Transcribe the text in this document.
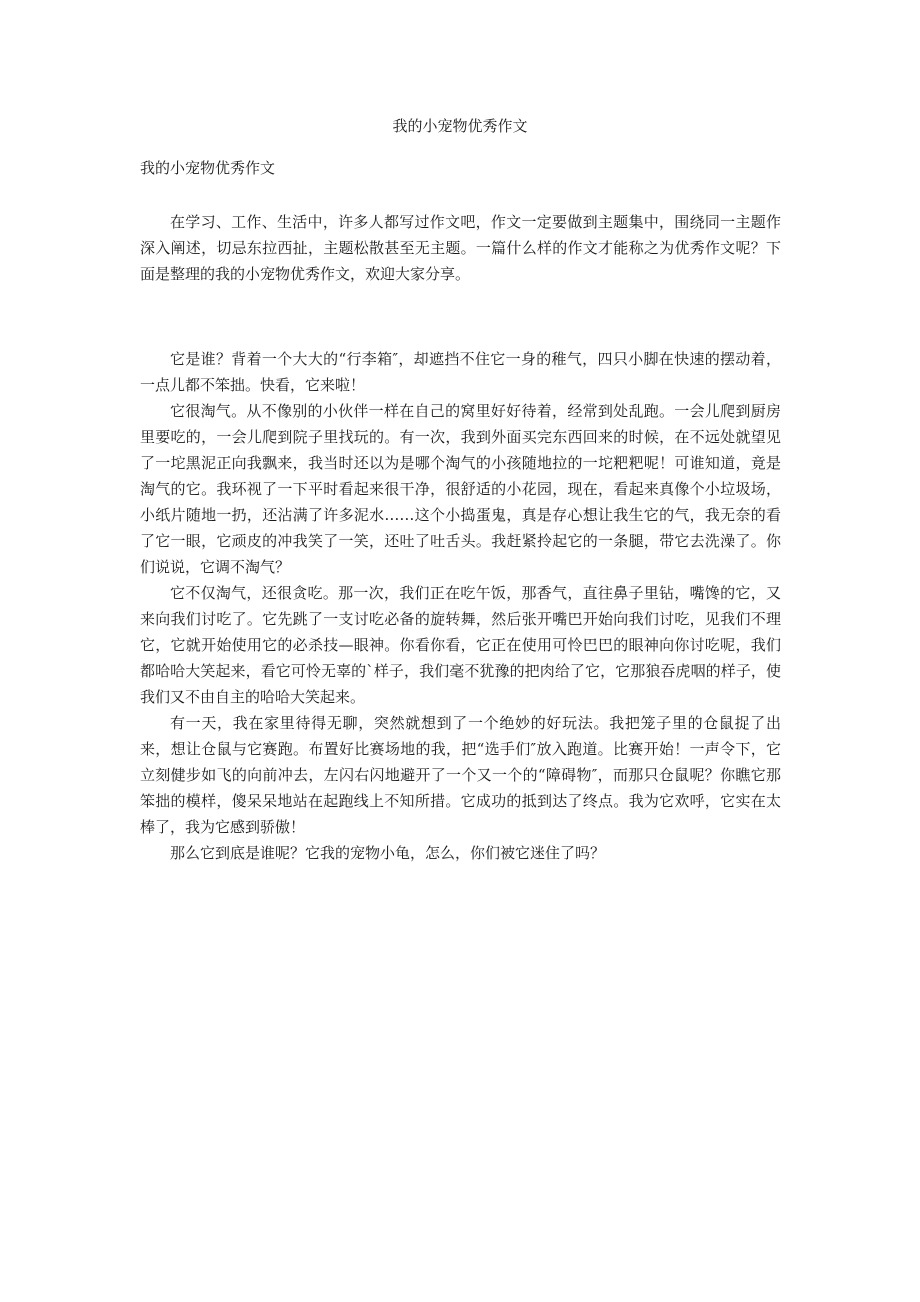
我的小宠物优秀作文

我的小宠物优秀作文

在学习、工作、生活中，许多人都写过作文吧，作文一定要做到主题集中，围绕同一主题作深入阐述，切忌东拉西扯，主题松散甚至无主题。一篇什么样的作文才能称之为优秀作文呢？下面是整理的我的小宠物优秀作文，欢迎大家分享。

它是谁？背着一个大大的“行李箱″，却遮挡不住它一身的稚气，四只小脚在快速的摆动着，一点儿都不笨拙。快看，它来啦！

它很淘气。从不像别的小伙伴一样在自己的窝里好好待着，经常到处乱跑。一会儿爬到厨房里要吃的，一会儿爬到院子里找玩的。有一次，我到外面买完东西回来的时候，在不远处就望见了一坨黑泥正向我飘来，我当时还以为是哪个淘气的小孩随地拉的一坨粑粑呢！可谁知道，竟是淘气的它。我环视了一下平时看起来很干净，很舒适的小花园，现在，看起来真像个小垃圾场，小纸片随地一扔，还沾满了许多泥水……这个小捣蛋鬼，真是存心想让我生它的气，我无奈的看了它一眼，它顽皮的冲我笑了一笑，还吐了吐舌头。我赶紧拎起它的一条腿，带它去洗澡了。你们说说，它调不淘气？

它不仅淘气，还很贪吃。那一次，我们正在吃午饭，那香气，直往鼻子里钻，嘴馋的它，又来向我们讨吃了。它先跳了一支讨吃必备的旋转舞，然后张开嘴巴开始向我们讨吃，见我们不理它，它就开始使用它的必杀技—眼神。你看你看，它正在使用可怜巴巴的眼神向你讨吃呢，我们都哈哈大笑起来，看它可怜无辜的`样子，我们毫不犹豫的把肉给了它，它那狼吞虎咽的样子，使我们又不由自主的哈哈大笑起来。

有一天，我在家里待得无聊，突然就想到了一个绝妙的好玩法。我把笼子里的仓鼠捉了出来，想让仓鼠与它赛跑。布置好比赛场地的我，把“选手们″放入跑道。比赛开始！一声令下，它立刻健步如飞的向前冲去，左闪右闪地避开了一个又一个的“障碍物″，而那只仓鼠呢？你瞧它那笨拙的模样，傻呆呆地站在起跑线上不知所措。它成功的抵到达了终点。我为它欢呼，它实在太棒了，我为它感到骄傲！

那么它到底是谁呢？它我的宠物小龟，怎么，你们被它迷住了吗？
